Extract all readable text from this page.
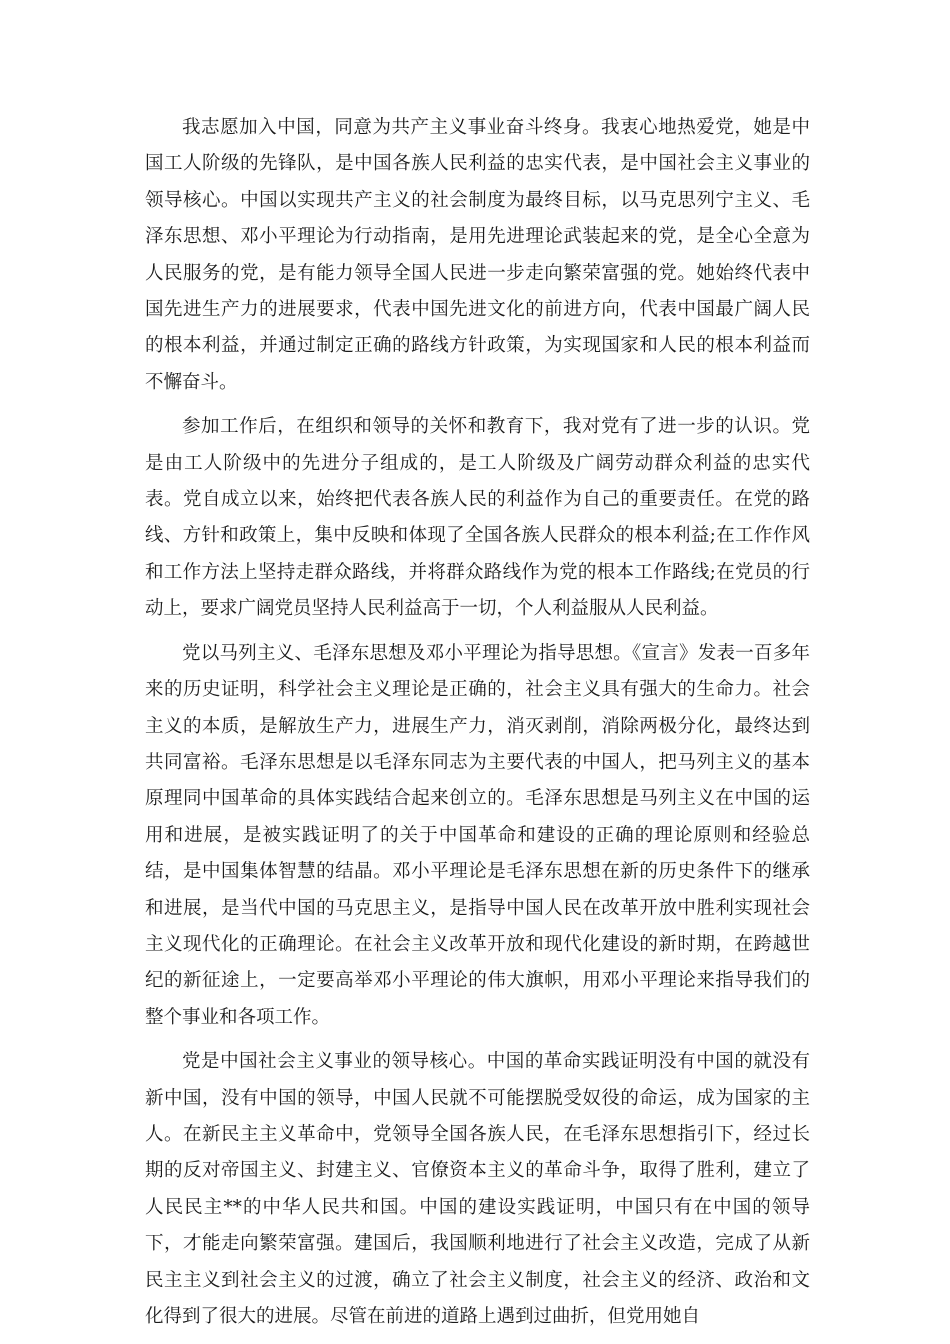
我志愿加入中国，同意为共产主义事业奋斗终身。我衷心地热爱党，她是中国工人阶级的先锋队，是中国各族人民利益的忠实代表，是中国社会主义事业的领导核心。中国以实现共产主义的社会制度为最终目标，以马克思列宁主义、毛泽东思想、邓小平理论为行动指南，是用先进理论武装起来的党，是全心全意为人民服务的党，是有能力领导全国人民进一步走向繁荣富强的党。她始终代表中国先进生产力的进展要求，代表中国先进文化的前进方向，代表中国最广阔人民的根本利益，并通过制定正确的路线方针政策，为实现国家和人民的根本利益而不懈奋斗。

参加工作后，在组织和领导的关怀和教育下，我对党有了进一步的认识。党是由工人阶级中的先进分子组成的，是工人阶级及广阔劳动群众利益的忠实代表。党自成立以来，始终把代表各族人民的利益作为自己的重要责任。在党的路线、方针和政策上，集中反映和体现了全国各族人民群众的根本利益;在工作作风和工作方法上坚持走群众路线，并将群众路线作为党的根本工作路线;在党员的行动上，要求广阔党员坚持人民利益高于一切，个人利益服从人民利益。

党以马列主义、毛泽东思想及邓小平理论为指导思想。《宣言》发表一百多年来的历史证明，科学社会主义理论是正确的，社会主义具有强大的生命力。社会主义的本质，是解放生产力，进展生产力，消灭剥削，消除两极分化，最终达到共同富裕。毛泽东思想是以毛泽东同志为主要代表的中国人，把马列主义的基本原理同中国革命的具体实践结合起来创立的。毛泽东思想是马列主义在中国的运用和进展，是被实践证明了的关于中国革命和建设的正确的理论原则和经验总结，是中国集体智慧的结晶。邓小平理论是毛泽东思想在新的历史条件下的继承和进展，是当代中国的马克思主义，是指导中国人民在改革开放中胜利实现社会主义现代化的正确理论。在社会主义改革开放和现代化建设的新时期，在跨越世纪的新征途上，一定要高举邓小平理论的伟大旗帜，用邓小平理论来指导我们的整个事业和各项工作。

党是中国社会主义事业的领导核心。中国的革命实践证明没有中国的就没有新中国，没有中国的领导，中国人民就不可能摆脱受奴役的命运，成为国家的主人。在新民主主义革命中，党领导全国各族人民，在毛泽东思想指引下，经过长期的反对帝国主义、封建主义、官僚资本主义的革命斗争，取得了胜利，建立了人民民主**的中华人民共和国。中国的建设实践证明，中国只有在中国的领导下，才能走向繁荣富强。建国后，我国顺利地进行了社会主义改造，完成了从新民主主义到社会主义的过渡，确立了社会主义制度，社会主义的经济、政治和文化得到了很大的进展。尽管在前进的道路上遇到过曲折，但党用她自
